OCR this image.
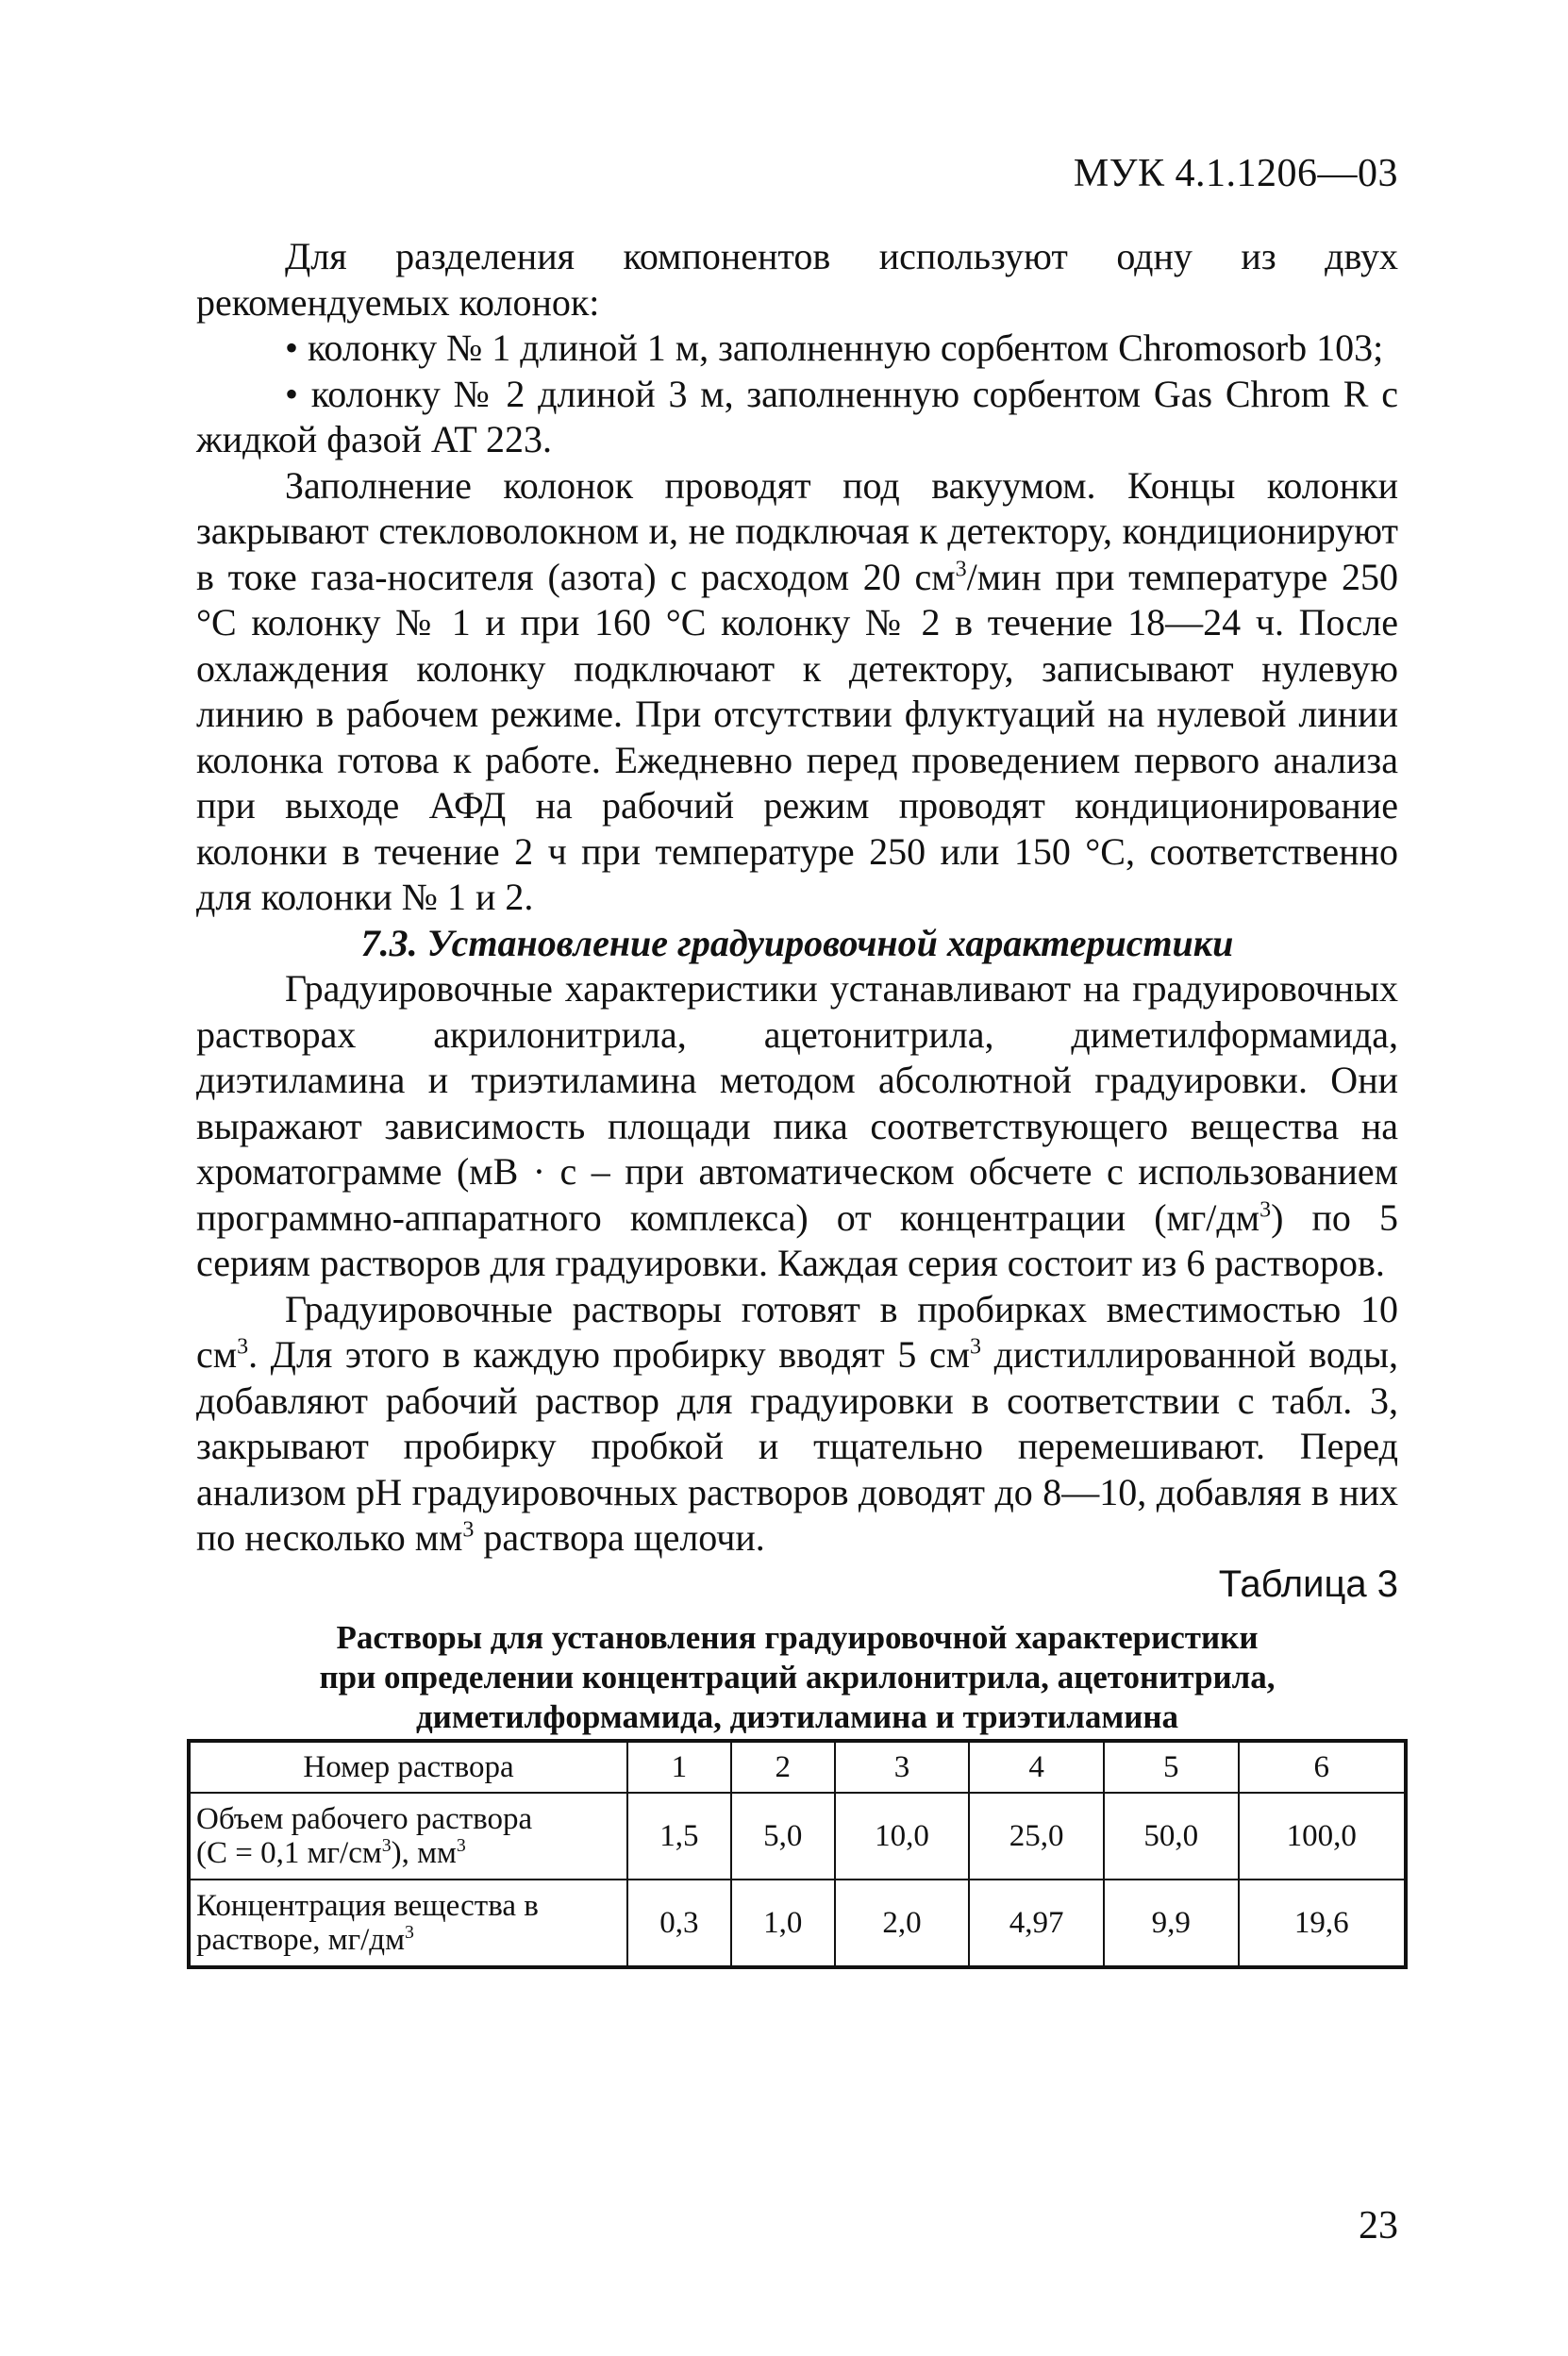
МУК 4.1.1206—03

Для разделения компонентов используют одну из двух рекомендуемых колонок:

• колонку № 1 длиной 1 м, заполненную сорбентом Chromosorb 103;

• колонку № 2 длиной 3 м, заполненную сорбентом Gas Chrom R с жидкой фазой AT 223.

Заполнение колонок проводят под вакуумом. Концы колонки закрывают стекловолокном и, не подключая к детектору, кондиционируют в токе газа-носителя (азота) с расходом 20 $см^3$/мин при температуре 250 °С колонку № 1 и при 160 °С колонку № 2 в течение 18—24 ч. После охлаждения колонку подключают к детектору, записывают нулевую линию в рабочем режиме. При отсутствии флуктуаций на нулевой линии колонка готова к работе. Ежедневно перед проведением первого анализа при выходе АФД на рабочий режим проводят кондиционирование колонки в течение 2 ч при температуре 250 или 150 °С, соответственно для колонки № 1 и 2.

7.3. Установление градуировочной характеристики

Градуировочные характеристики устанавливают на градуировочных растворах акрилонитрила, ацетонитрила, диметилформамида, диэтиламина и триэтиламина методом абсолютной градуировки. Они выражают зависимость площади пика соответствующего вещества на хроматограмме (мВ · с – при автоматическом обсчете с использованием программно-аппаратного комплекса) от концентрации $(мг/дм^3)$ по 5 сериям растворов для градуировки. Каждая серия состоит из 6 растворов.

Градуировочные растворы готовят в пробирках вместимостью 10 $см^3$. Для этого в каждую пробирку вводят 5 $см^3$ дистиллированной воды, добавляют рабочий раствор для градуировки в соответствии с табл. 3, закрывают пробирку пробкой и тщательно перемешивают. Перед анализом рН градуировочных растворов доводят до 8—10, добавляя в них по несколько $мм^3$ раствора щелочи.

Таблица 3

Растворы для установления градуировочной характеристики
при определении концентраций акрилонитрила, ацетонитрила,
диметилформамида, диэтиламина и триэтиламина
Номер раствора	1	2	3	4	5	6

Объем рабочего раствора
(С = 0,1 $мг/см^3$), $мм^3$	1,5	5,0	10,0	25,0	50,0	100,0

Концентрация вещества в
растворе, $мг/дм^3$	0,3	1,0	2,0	4,97	9,9	19,6
23
